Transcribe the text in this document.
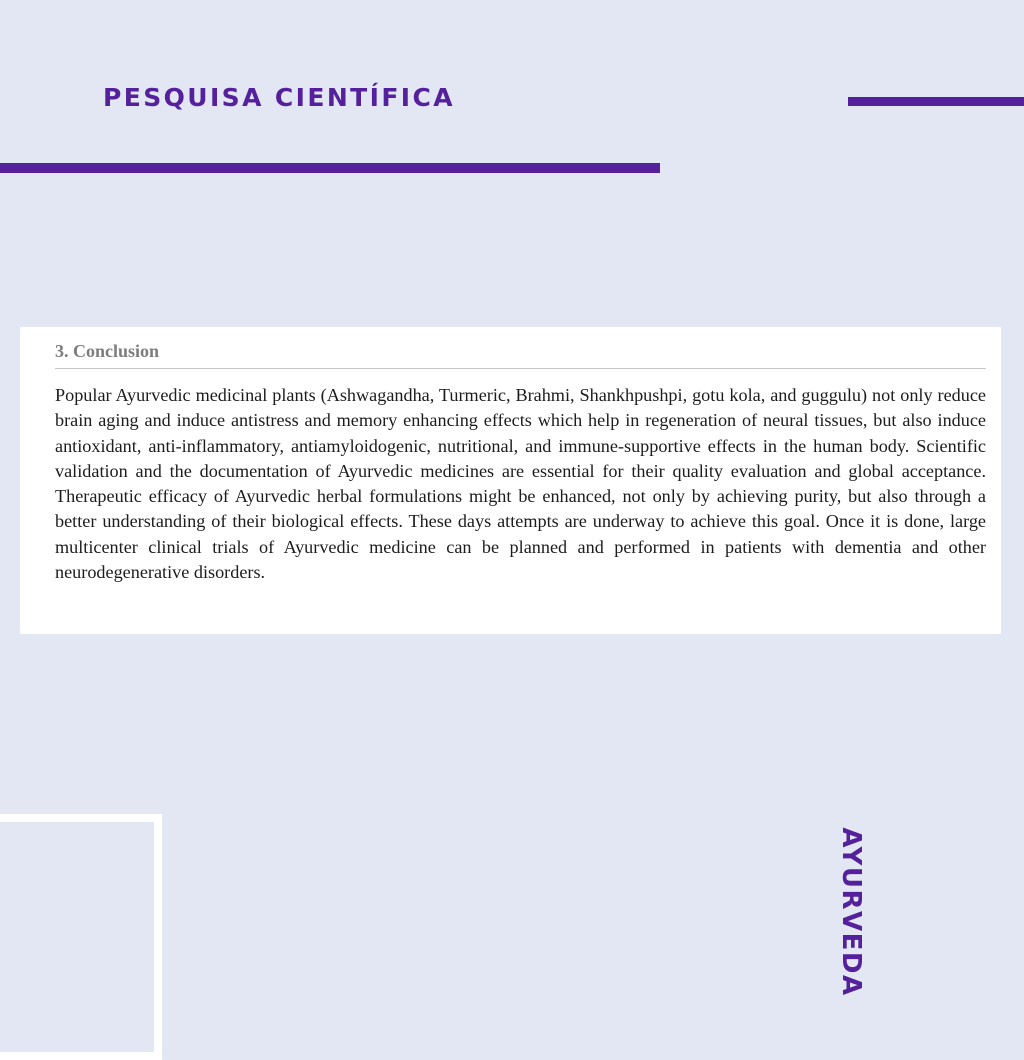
PESQUISA CIENTÍFICA
3. Conclusion

Popular Ayurvedic medicinal plants (Ashwagandha, Turmeric, Brahmi, Shankhpushpi, gotu kola, and guggulu) not only reduce brain aging and induce antistress and memory enhancing effects which help in regeneration of neural tissues, but also induce antioxidant, anti-inflammatory, antiamyloidogenic, nutritional, and immune-supportive effects in the human body. Scientific validation and the documentation of Ayurvedic medicines are essential for their quality evaluation and global acceptance. Therapeutic efficacy of Ayurvedic herbal formulations might be enhanced, not only by achieving purity, but also through a better understanding of their biological effects. These days attempts are underway to achieve this goal. Once it is done, large multicenter clinical trials of Ayurvedic medicine can be planned and performed in patients with dementia and other neurodegenerative disorders.

AYURVEDA
